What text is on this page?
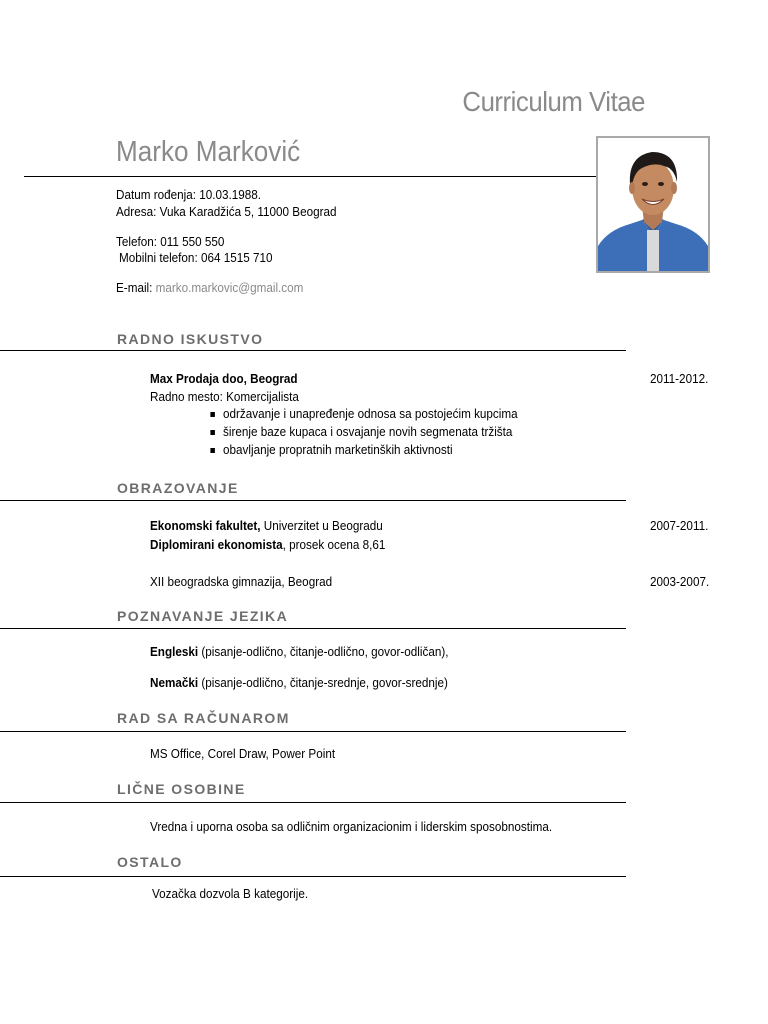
Curriculum Vitae
Marko Marković
Datum rođenja: 10.03.1988.
Adresa: Vuka Karadžića 5, 11000 Beograd
Telefon: 011 550 550
Mobilni telefon: 064 1515 710
E-mail: marko.markovic@gmail.com
RADNO ISKUSTVO
Max Prodaja doo, Beograd	2011-2012.
Radno mesto: Komercijalista
održavanje i unapređenje odnosa sa postojećim kupcima
širenje baze kupaca i osvajanje novih segmenata tržišta
obavljanje propratnih marketinških aktivnosti
OBRAZOVANJE
Ekonomski fakultet, Univerzitet u Beogradu	2007-2011.
Diplomirani ekonomista, prosek ocena 8,61
XII beogradska gimnazija, Beograd	2003-2007.
POZNAVANJE JEZIKA
Engleski (pisanje-odlično, čitanje-odlično, govor-odličan),
Nemački (pisanje-odlično, čitanje-srednje, govor-srednje)
RAD SA RAČUNAROM
MS Office, Corel Draw, Power Point
LIČNE OSOBINE
Vredna i uporna osoba sa odličnim organizacionim i liderskim sposobnostima.
OSTALO
Vozačka dozvola B kategorije.
